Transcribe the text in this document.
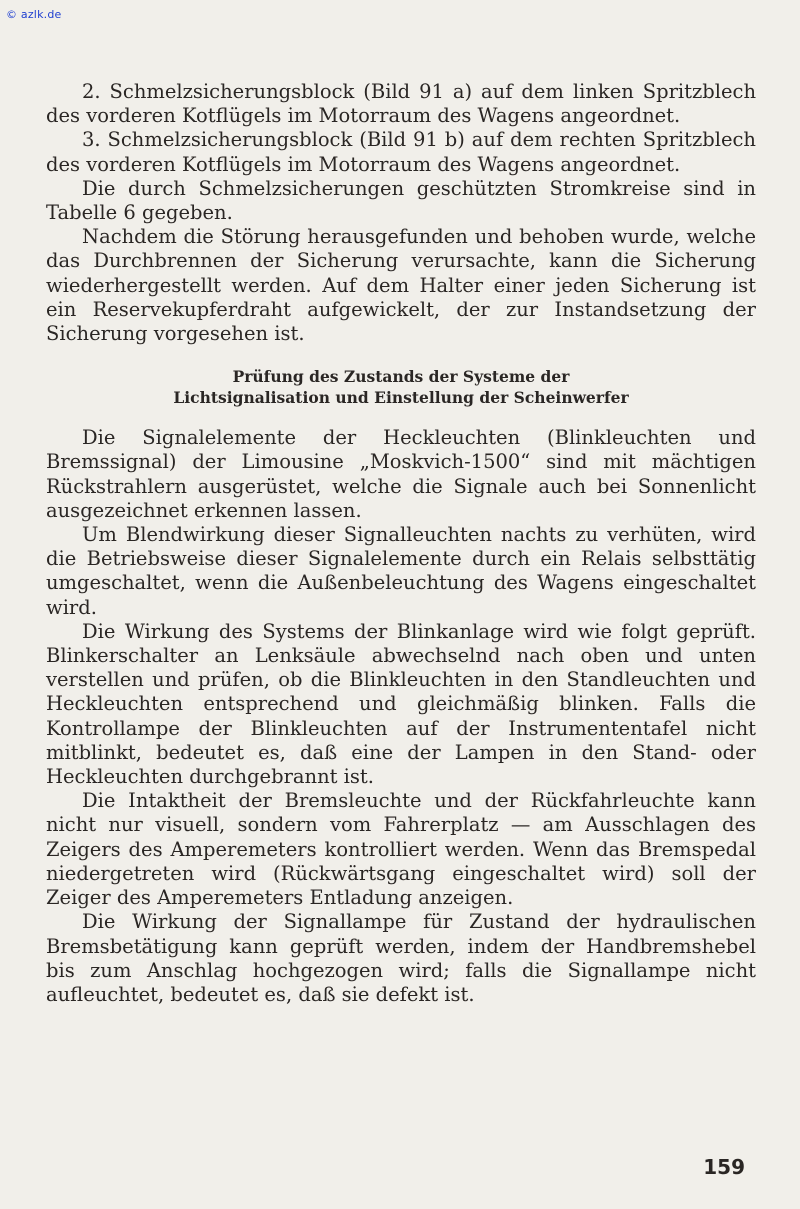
© azlk.de

2. Schmelzsicherungsblock (Bild 91 a) auf dem linken Spritzblech des vorderen Kotflügels im Motorraum des Wagens angeordnet.

3. Schmelzsicherungsblock (Bild 91 b) auf dem rechten Spritzblech des vorderen Kotflügels im Motorraum des Wagens angeordnet.

Die durch Schmelzsicherungen geschützten Stromkreise sind in Tabelle 6 gegeben.

Nachdem die Störung herausgefunden und behoben wurde, welche das Durchbrennen der Sicherung verursachte, kann die Sicherung wiederhergestellt werden. Auf dem Halter einer jeden Sicherung ist ein Reservekupferdraht aufgewickelt, der zur Instandsetzung der Sicherung vorgesehen ist.

Prüfung des Zustands der Systeme der
Lichtsignalisation und Einstellung der Scheinwerfer

Die Signalelemente der Heckleuchten (Blinkleuchten und Bremssignal) der Limousine „Moskvich-1500“ sind mit mächtigen Rückstrahlern ausgerüstet, welche die Signale auch bei Sonnenlicht ausgezeichnet erkennen lassen.

Um Blendwirkung dieser Signalleuchten nachts zu verhüten, wird die Betriebsweise dieser Signalelemente durch ein Relais selbsttätig umgeschaltet, wenn die Außenbeleuchtung des Wagens eingeschaltet wird.

Die Wirkung des Systems der Blinkanlage wird wie folgt geprüft. Blinkerschalter an Lenksäule abwechselnd nach oben und unten verstellen und prüfen, ob die Blinkleuchten in den Standleuchten und Heckleuchten entsprechend und gleichmäßig blinken. Falls die Kontrollampe der Blinkleuchten auf der Instrumententafel nicht mitblinkt, bedeutet es, daß eine der Lampen in den Stand- oder Heckleuchten durchgebrannt ist.

Die Intaktheit der Bremsleuchte und der Rückfahrleuchte kann nicht nur visuell, sondern vom Fahrerplatz — am Ausschlagen des Zeigers des Amperemeters kontrolliert werden. Wenn das Bremspedal niedergetreten wird (Rückwärtsgang eingeschaltet wird) soll der Zeiger des Amperemeters Entladung anzeigen.

Die Wirkung der Signallampe für Zustand der hydraulischen Bremsbetätigung kann geprüft werden, indem der Handbremshebel bis zum Anschlag hochgezogen wird; falls die Signallampe nicht aufleuchtet, bedeutet es, daß sie defekt ist.

159
